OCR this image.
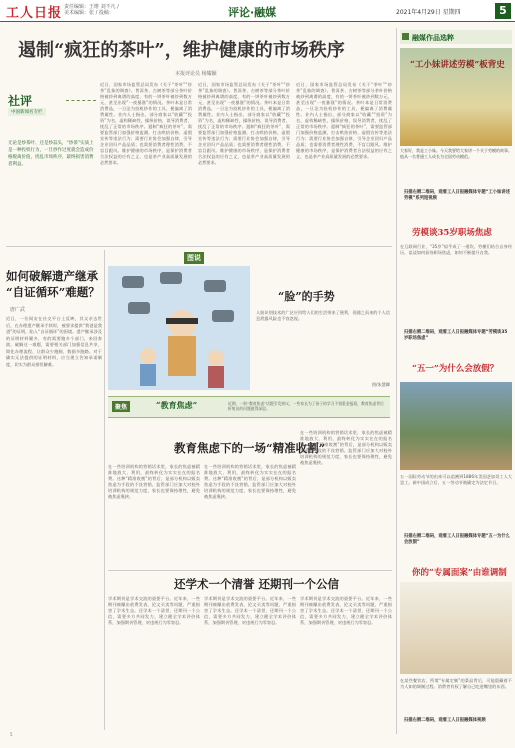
工人日报 责任编辑：王维 刘不凡 / 美术编辑：张 / 投稿：	评论·融媒	2021年4月29日 星期四	5
遏制“疯狂的茶叶”，维护健康的市场秩序
本报评论员 杨耀颖
社评
中国新闻名专栏
无论是炒茶叶、还是炒蒜头，“炒茶”实质上是一种投机行为，一旦炒作过度就会造成价格脱离价值，扰乱市场秩序，最终损害消费者利益。
近日，国家市场监管总局发布《关于“茶叶”“炒茶”乱象的调查》。普洱茶、古树茶等部分茶叶价格被炒到离谱的高度，有的一饼茶叶被炒到数万元，甚至出现“一夜暴涨”的情况。茶叶本是日常消费品，一旦沦为投机炒作的工具，便偏离了消费属性。业内人士指出，部分商家以“收藏”“投资”为名，虚构稀缺性，操纵价格，误导消费者，扰乱了正常的市场秩序。遏制“疯狂的茶叶”，需要监管部门加强价格监测，打击哄抬价格、虚假宣传等违法行为；需要行业协会加强自律，引导企业回归产品品质；也需要消费者理性消费，不盲目跟风。维护健康的市场秩序，是保护消费者合法权益的应有之义，也是茶产业高质量发展的必然要求。
近日，国家市场监管总局发布《关于“茶叶”“炒茶”乱象的调查》。普洱茶、古树茶等部分茶叶价格被炒到离谱的高度，有的一饼茶叶被炒到数万元，甚至出现“一夜暴涨”的情况。茶叶本是日常消费品，一旦沦为投机炒作的工具，便偏离了消费属性。业内人士指出，部分商家以“收藏”“投资”为名，虚构稀缺性，操纵价格，误导消费者，扰乱了正常的市场秩序。遏制“疯狂的茶叶”，需要监管部门加强价格监测，打击哄抬价格、虚假宣传等违法行为；需要行业协会加强自律，引导企业回归产品品质；也需要消费者理性消费，不盲目跟风。维护健康的市场秩序，是保护消费者合法权益的应有之义，也是茶产业高质量发展的必然要求。
近日，国家市场监管总局发布《关于“茶叶”“炒茶”乱象的调查》。普洱茶、古树茶等部分茶叶价格被炒到离谱的高度，有的一饼茶叶被炒到数万元，甚至出现“一夜暴涨”的情况。茶叶本是日常消费品，一旦沦为投机炒作的工具，便偏离了消费属性。业内人士指出，部分商家以“收藏”“投资”为名，虚构稀缺性，操纵价格，误导消费者，扰乱了正常的市场秩序。遏制“疯狂的茶叶”，需要监管部门加强价格监测，打击哄抬价格、虚假宣传等违法行为；需要行业协会加强自律，引导企业回归产品品质；也需要消费者理性消费，不盲目跟风。维护健康的市场秩序，是保护消费者合法权益的应有之义，也是茶产业高质量发展的必然要求。
如何破解遗产继承
“自证循环”难题？
唐广武
近日，一位网友在社交平台上反映，其父亲去世后，在办理遗产继承手续时，被要求提供“我爸是我爸”的证明，陷入“自证循环”的困境。遗产继承涉及的证明材料繁多，有的需要跑多个部门，来回奔波。破解这一难题，需要相关部门加强信息共享，简化办理流程，让群众少跑腿、数据多跑路。对于确实无法提供的证明材料，应当建立告知承诺制度，切实为群众排忧解难。
图说
“脸”的手势
人脸识别技术的广泛应用给人们的生活带来了便利，但随之而来的个人信息泄露风险也不容忽视。
图/朱慧卿
聚焦	“教育焦虑”	近期，一则“教育焦虑”话题引发热议。一些家长为了孩子的学习不惜重金报班，教育焦虑背后折射出的问题值得深思。
教育焦虑下的一场“精准收割”
在一些培训机构的营销话术里，家长的焦虑被精准地放大、利用，最终转化为实实在在的报名费。这种“精准收割”的背后，是部分机构以贩卖焦虑为手段的不良营销。监管部门应加大对校外培训机构的规范力度，家长也要保持理性，避免被焦虑裹挟。
在一些培训机构的营销话术里，家长的焦虑被精准地放大、利用，最终转化为实实在在的报名费。这种“精准收割”的背后，是部分机构以贩卖焦虑为手段的不良营销。监管部门应加大对校外培训机构的规范力度，家长也要保持理性，避免被焦虑裹挟。
在一些培训机构的营销话术里，家长的焦虑被精准地放大、利用，最终转化为实实在在的报名费。这种“精准收割”的背后，是部分机构以贩卖焦虑为手段的不良营销。监管部门应加大对校外培训机构的规范力度，家长也要保持理性，避免被焦虑裹挟。
还学术一个清誉 还期刊一个公信
学术期刊是学术交流的重要平台。近年来，一些期刊被曝出收费发表、论文买卖等问题，严重损害了学术生态。还学术一个清誉，还期刊一个公信，需要多方共同发力，建立健全学术评价体系，加强期刊管理，对违规行为零容忍。
学术期刊是学术交流的重要平台。近年来，一些期刊被曝出收费发表、论文买卖等问题，严重损害了学术生态。还学术一个清誉，还期刊一个公信，需要多方共同发力，建立健全学术评价体系，加强期刊管理，对违规行为零容忍。
学术期刊是学术交流的重要平台。近年来，一些期刊被曝出收费发表、论文买卖等问题，严重损害了学术生态。还学术一个清誉，还期刊一个公信，需要多方共同发力，建立健全学术评价体系，加强期刊管理，对违规行为零容忍。
融媒作品选粹
“工小妹讲述劳模”板背史
大家好，我是工小妹。今天我要给大家讲一个关于劳模的故事。他从一名普通工人成长为全国劳动模范。
扫描右侧二维码，观看工人日报融媒体专题“工小妹讲述劳模”系列短视频
劳模谈35岁职场焦虑
在互联网行业，“35岁”似乎成了一道坎。劳模们结合自身经历，谈谈如何看待职场焦虑，如何不断提升自我。
扫描右侧二维码，观看工人日报融媒体专题“劳模谈35岁职场焦虑”
“五一”为什么会放假？
五一国际劳动节的由来可以追溯到1886年美国芝加哥工人大罢工。新中国成立后，五一劳动节被确定为法定节日。
扫描右侧二维码，观看工人日报融媒体专题“五一为什么会放假”
你的“专属面案”由谁调制
在某些餐饮店，所谓“专属定制”的菜品背后，可能隐藏着不为人知的调制过程。消费者有权了解自己吃进嘴里的东西。
扫描右侧二维码，观看工人日报融媒体视频
5
